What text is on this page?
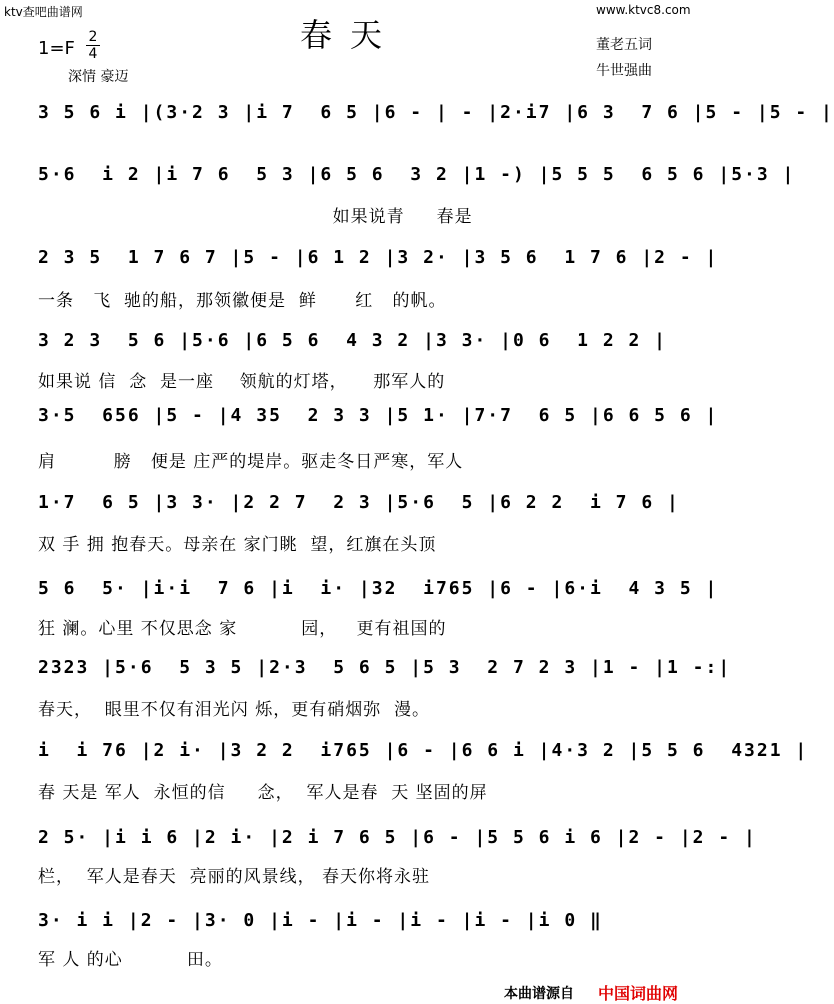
ktv查吧曲谱网	www.ktvc8.com
春天
1=F
2
4
深情 豪迈
董老五词
牛世强曲
3 5 6 i |(3·2 3 |i 7  6 5 |6 - | - |2·i7 |6 3  7 6 |5 - |5 - |
5·6  i 2 |i 7 6  5 3 |6 5 6  3 2 |1 -) |5 5 5  6 5 6 |5·3 |
如果说青     春是
2 3 5  1 7 6 7 |5 - |6 1 2 |3 2· |3 5 6  1 7 6 |2 - |
一条   飞  驰的船，那领徽便是  鲜      红   的帆。
3 2 3  5 6 |5·6 |6 5 6  4 3 2 |3 3· |0 6  1 2 2 |
如果说 信  念  是一座    领航的灯塔，    那军人的
3·5  656 |5 - |4 35  2 3 3 |5 1· |7·7  6 5 |6 6 5 6 |
肩         膀   便是 庄严的堤岸。驱走冬日严寒，军人
1·7  6 5 |3 3· |2 2 7  2 3 |5·6  5 |6 2 2  i 7 6 |
双 手 拥 抱春天。母亲在 家门眺  望，红旗在头顶
5 6  5· |i·i  7 6 |i  i· |32  i765 |6 - |6·i  4 3 5 |
狂 澜。心里 不仅思念 家          园，   更有祖国的
2323 |5·6  5 3 5 |2·3  5 6 5 |5 3  2 7 2 3 |1 - |1 -:|
春天，  眼里不仅有泪光闪 烁，更有硝烟弥  漫。
i  i 76 |2 i· |3 2 2  i765 |6 - |6 6 i |4·3 2 |5 5 6  4321 |
春 天是 军人  永恒的信     念，  军人是春  天 坚固的屏
2 5· |i i 6 |2 i· |2 i 7 6 5 |6 - |5 5 6 i 6 |2 - |2 - |
栏，  军人是春天  亮丽的风景线， 春天你将永驻
3· i i |2 - |3· 0 |i - |i - |i - |i - |i 0 ‖
军 人 的心          田。
本曲谱源自 中国词曲网
